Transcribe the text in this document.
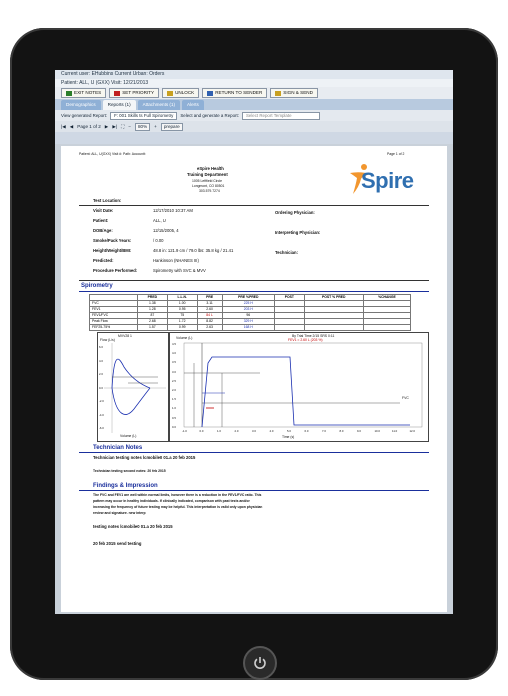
Current user: EHubbins Current Urban: Orders
Patient: ALL, U (GXX) Visit: 12/21/2013
EXIT NOTES	SET PRIORITY	UNLOCK	RETURN TO SENDER	SIGN & SEND
Demographics	Reports (1)	Attachments (1)	Alerts
View generated Report:	F: 001 Skills ts Full Spirometry	Select and generate a Report:	Select Report Template
|◀ ◀ Page 1 of 2 ▶ ▶| ⛶ −	80%	+	prepare
Patient: ALL, U(GXX) Visit #: Path: Accountt:	Page 1 of 2
eSpire Health
Training Department
1005 Leftfield Circle
Longmont, CO 80501
303.579.7274	Spire
Test Location:
Visit Date:	12/17/2010 10:37 AM
Patient:	ALL, U
DOB/Age:	12/15/2005, 4
Smoke/Pack Years:	/ 0.00
Height/Weight/BMI:	48.8 in: 121.9 cm / 79.0 lbs: 35.8 kg / 21.41
Predicted:	Hankinson (NHANES III)
Procedure Performed:	Spirometry with SVC & MVV
Ordering Physician:
Interpreting Physician:
Technician:
Spirometry
	PRED	L.L.N.	PRE	PRE %PRED	POST	POST % PRED	%CHANGE
FVC	1.38	1.00	3.11	225 H			
FEV1	1.28	0.95	2.60	203 H			
FEV1/FVC	87	75	84 L	96			
Peak Flow	2.68	1.72	8.82	329 H			
FEF25-75%	1.57	0.99	2.63	168 H			
MVV28 1
Flow (L/s)
Volume (L)
6.0
4.0
2.0
0.0
-2.0
-4.0
-6.0
By Trial Time 2/15 SRS 0:11
FEV1 = 2.60 L (203 %)
Volume (L)
Time (s)
FVC
4.5
4.0
3.5
3.0
2.5
2.0
1.5
1.0
0.5
0.0
-1.0	0.0	1.0	2.0	3.0	4.0	5.0	6.0	7.0	8.0	9.0	10.0	11.0	12.0
Technician Notes
Technician testing notes lcmobile0 01.a 20 feb 2015
Technician testing second notes: 20 feb 2015
Findings & Impression
The FVC and FEV1 are well within normal limits, however there is a reduction in the FEV1/FVC ratio. This
pattern may occur in healthy individuals. If clinically indicated, comparison with past tests and/or
increasing the frequency of future testing may be helpful. This interpretation is valid only upon physician
review and signature. new interp
testing notes lcmobile0 01.a 20 feb 2015
20 feb 2015 send testing
